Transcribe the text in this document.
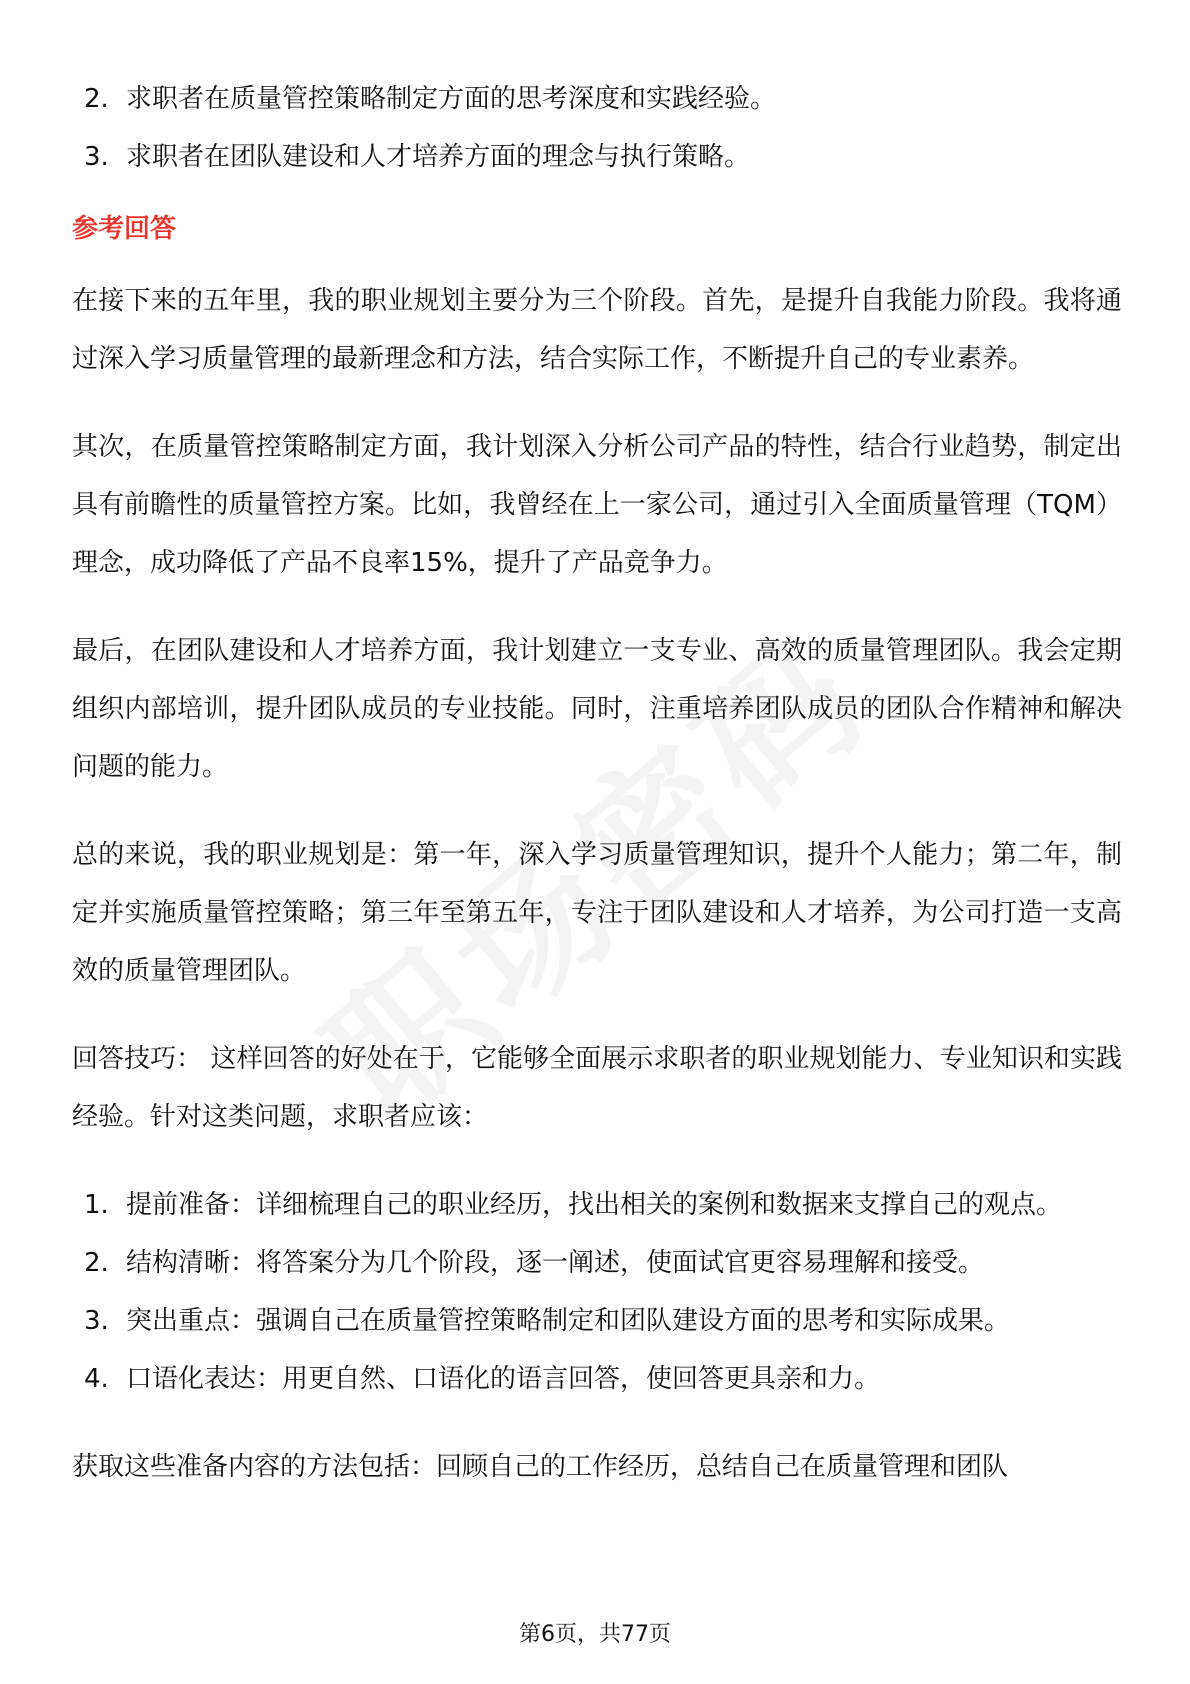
2. 求职者在质量管控策略制定方面的思考深度和实践经验。
3. 求职者在团队建设和人才培养方面的理念与执行策略。
参考回答

在接下来的五年里，我的职业规划主要分为三个阶段。首先，是提升自我能力阶段。我将通过深入学习质量管理的最新理念和方法，结合实际工作，不断提升自己的专业素养。

其次，在质量管控策略制定方面，我计划深入分析公司产品的特性，结合行业趋势，制定出具有前瞻性的质量管控方案。比如，我曾经在上一家公司，通过引入全面质量管理（TQM）理念，成功降低了产品不良率15%，提升了产品竞争力。

最后，在团队建设和人才培养方面，我计划建立一支专业、高效的质量管理团队。我会定期组织内部培训，提升团队成员的专业技能。同时，注重培养团队成员的团队合作精神和解决问题的能力。

总的来说，我的职业规划是：第一年，深入学习质量管理知识，提升个人能力；第二年，制定并实施质量管控策略；第三年至第五年，专注于团队建设和人才培养，为公司打造一支高效的质量管理团队。

回答技巧： 这样回答的好处在于，它能够全面展示求职者的职业规划能力、专业知识和实践经验。针对这类问题，求职者应该：

1. 提前准备：详细梳理自己的职业经历，找出相关的案例和数据来支撑自己的观点。
2. 结构清晰：将答案分为几个阶段，逐一阐述，使面试官更容易理解和接受。
3. 突出重点：强调自己在质量管控策略制定和团队建设方面的思考和实际成果。
4. 口语化表达：用更自然、口语化的语言回答，使回答更具亲和力。

获取这些准备内容的方法包括：回顾自己的工作经历，总结自己在质量管理和团队

第6页，共77页
